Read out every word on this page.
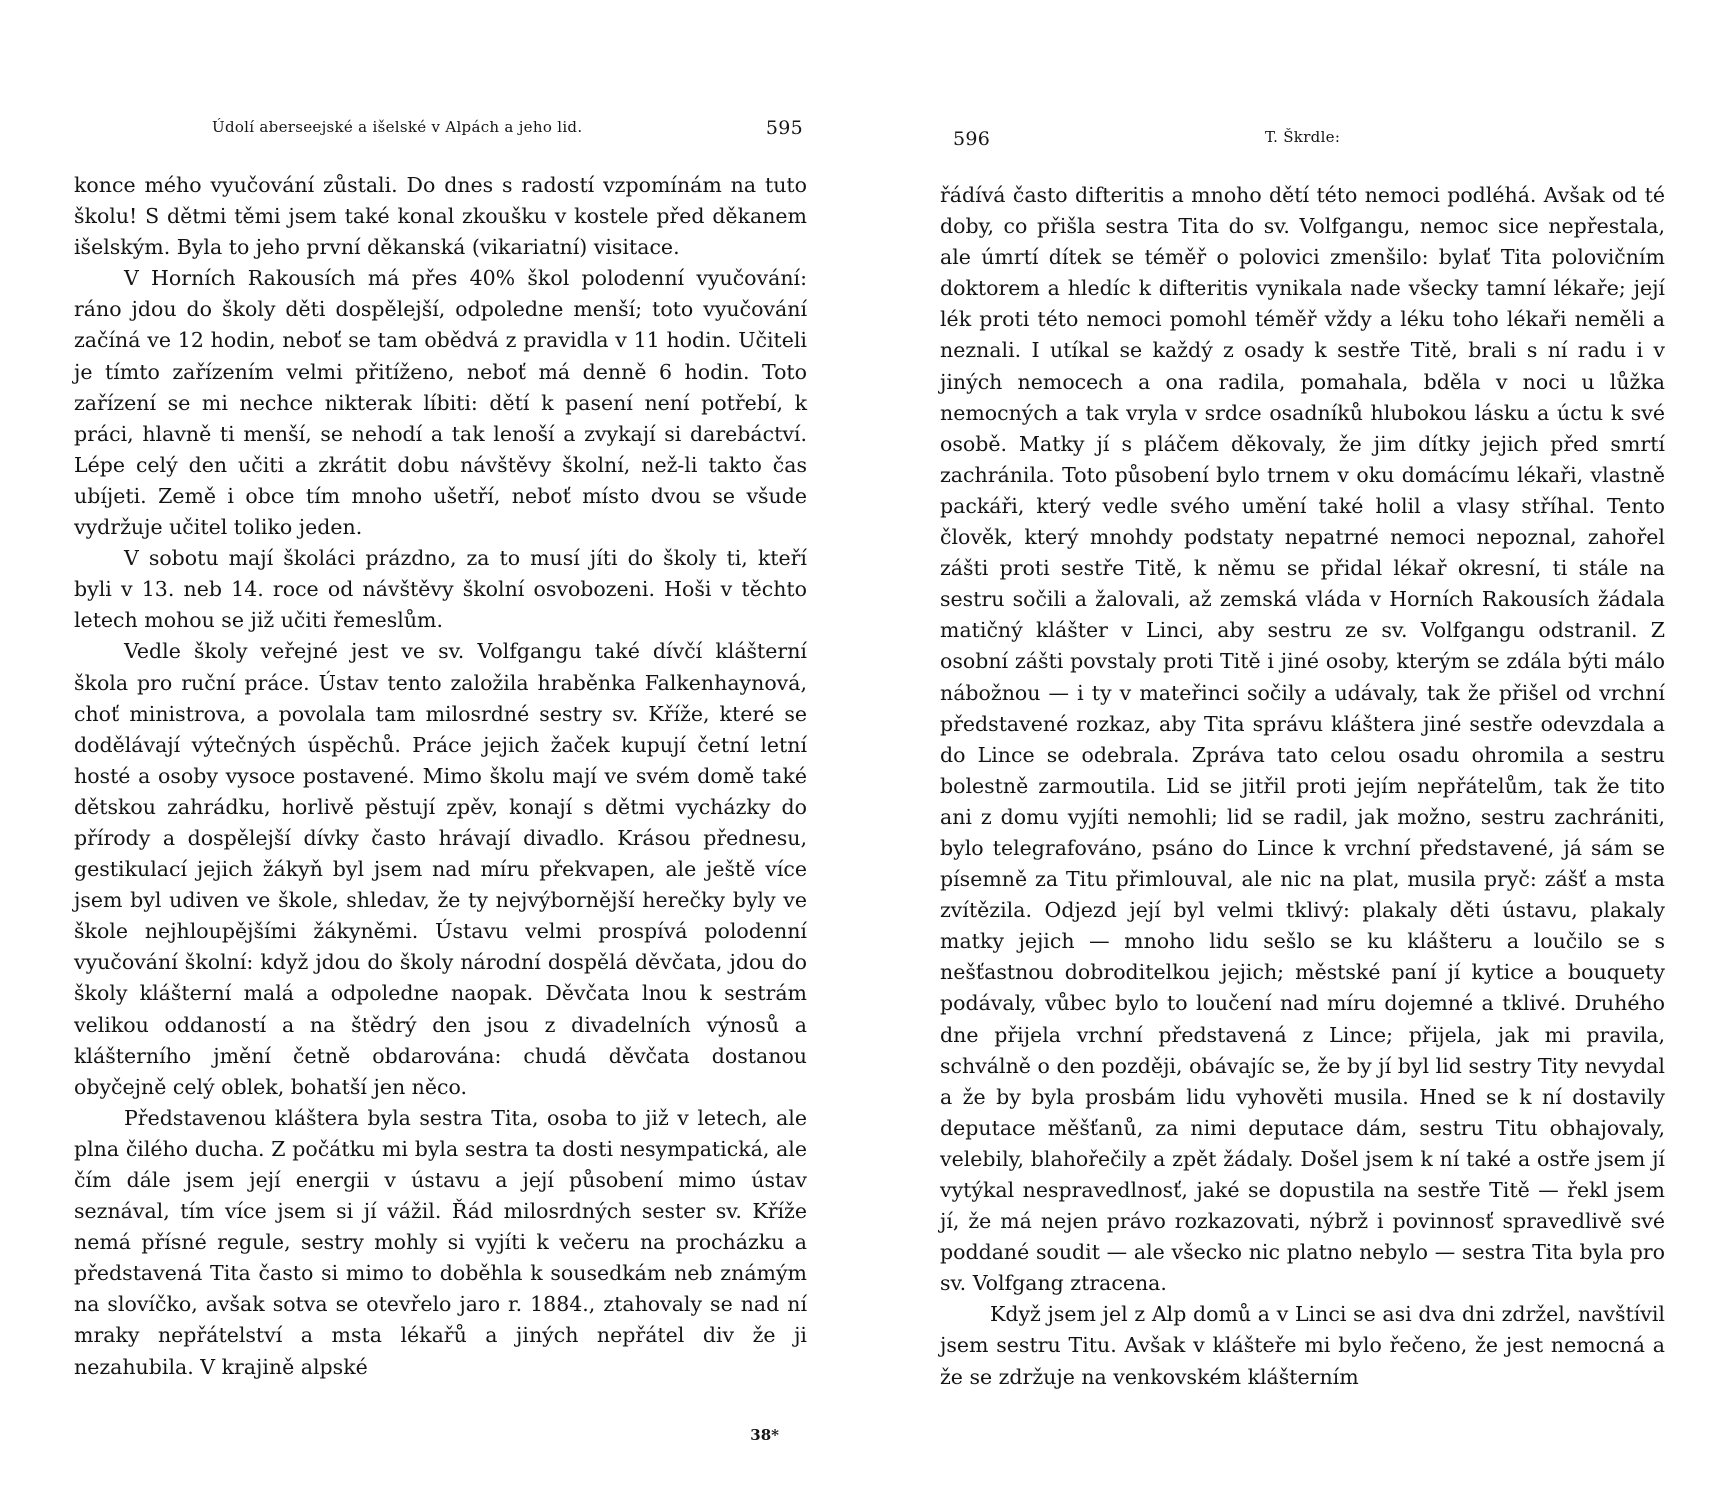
Údolí aberseejské a išelské v Alpách a jeho lid.	595

konce mého vyučování zůstali. Do dnes s radostí vzpomínám na tuto školu! S dětmi těmi jsem také konal zkoušku v kostele před děkanem išelským. Byla to jeho první děkanská (vikariatní) visitace.

V Horních Rakousích má přes 40% škol polodenní vyučování: ráno jdou do školy děti dospělejší, odpoledne menší; toto vyučování začíná ve 12 hodin, neboť se tam obědvá z pravidla v 11 hodin. Učiteli je tímto zařízením velmi přitíženo, neboť má denně 6 hodin. Toto zařízení se mi nechce nikterak líbiti: dětí k pasení není potřebí, k práci, hlavně ti menší, se nehodí a tak lenoší a zvykají si darebáctví. Lépe celý den učiti a zkrátit dobu návštěvy školní, než-li takto čas ubíjeti. Země i obce tím mnoho ušetří, neboť místo dvou se všude vydržuje učitel toliko jeden.

V sobotu mají školáci prázdno, za to musí jíti do školy ti, kteří byli v 13. neb 14. roce od návštěvy školní osvobozeni. Hoši v těchto letech mohou se již učiti řemeslům.

Vedle školy veřejné jest ve sv. Volfgangu také dívčí klášterní škola pro ruční práce. Ústav tento založila hraběnka Falkenhaynová, choť ministrova, a povolala tam milosrdné sestry sv. Kříže, které se dodělávají výtečných úspěchů. Práce jejich žaček kupují četní letní hosté a osoby vysoce postavené. Mimo školu mají ve svém domě také dětskou zahrádku, horlivě pěstují zpěv, konají s dětmi vycházky do přírody a dospělejší dívky často hrávají divadlo. Krásou přednesu, gestikulací jejich žákyň byl jsem nad míru překvapen, ale ještě více jsem byl udiven ve škole, shledav, že ty nejvýbornější herečky byly ve škole nejhloupějšími žákyněmi. Ústavu velmi prospívá polodenní vyučování školní: když jdou do školy národní dospělá děvčata, jdou do školy klášterní malá a odpoledne naopak. Děvčata lnou k sestrám velikou oddaností a na štědrý den jsou z divadelních výnosů a klášterního jmění četně obdarována: chudá děvčata dostanou obyčejně celý oblek, bohatší jen něco.

Představenou kláštera byla sestra Tita, osoba to již v letech, ale plna čilého ducha. Z počátku mi byla sestra ta dosti nesympatická, ale čím dále jsem její energii v ústavu a její působení mimo ústav seznával, tím více jsem si jí vážil. Řád milosrdných sester sv. Kříže nemá přísné regule, sestry mohly si vyjíti k večeru na procházku a představená Tita často si mimo to doběhla k sousedkám neb známým na slovíčko, avšak sotva se otevřelo jaro r. 1884., ztahovaly se nad ní mraky nepřátelství a msta lékařů a jiných nepřátel div že ji nezahubila. V krajině alpské

38*
596	T. Škrdle:

řádívá často difteritis a mnoho dětí této nemoci podléhá. Avšak od té doby, co přišla sestra Tita do sv. Volfgangu, nemoc sice nepřestala, ale úmrtí dítek se téměř o polovici zmenšilo: bylať Tita polovičním doktorem a hledíc k difteritis vynikala nade všecky tamní lékaře; její lék proti této nemoci pomohl téměř vždy a léku toho lékaři neměli a neznali. I utíkal se každý z osady k sestře Titě, brali s ní radu i v jiných nemocech a ona radila, pomahala, bděla v noci u lůžka nemocných a tak vryla v srdce osadníků hlubokou lásku a úctu k své osobě. Matky jí s pláčem děkovaly, že jim dítky jejich před smrtí zachránila. Toto působení bylo trnem v oku domácímu lékaři, vlastně packáři, který vedle svého umění také holil a vlasy stříhal. Tento člověk, který mnohdy podstaty nepatrné nemoci nepoznal, zahořel zášti proti sestře Titě, k němu se přidal lékař okresní, ti stále na sestru sočili a žalovali, až zemská vláda v Horních Rakousích žádala matičný klášter v Linci, aby sestru ze sv. Volfgangu odstranil. Z osobní zášti povstaly proti Titě i jiné osoby, kterým se zdála býti málo nábožnou — i ty v mateřinci sočily a udávaly, tak že přišel od vrchní představené rozkaz, aby Tita správu kláštera jiné sestře odevzdala a do Lince se odebrala. Zpráva tato celou osadu ohromila a sestru bolestně zarmoutila. Lid se jitřil proti jejím nepřátelům, tak že tito ani z domu vyjíti nemohli; lid se radil, jak možno, sestru zachrániti, bylo telegrafováno, psáno do Lince k vrchní představené, já sám se písemně za Titu přimlouval, ale nic na plat, musila pryč: zášť a msta zvítězila. Odjezd její byl velmi tklivý: plakaly děti ústavu, plakaly matky jejich — mnoho lidu sešlo se ku klášteru a loučilo se s nešťastnou dobroditelkou jejich; městské paní jí kytice a bouquety podávaly, vůbec bylo to loučení nad míru dojemné a tklivé. Druhého dne přijela vrchní představená z Lince; přijela, jak mi pravila, schválně o den později, obávajíc se, že by jí byl lid sestry Tity nevydal a že by byla prosbám lidu vyhověti musila. Hned se k ní dostavily deputace měšťanů, za nimi deputace dám, sestru Titu obhajovaly, velebily, blahořečily a zpět žádaly. Došel jsem k ní také a ostře jsem jí vytýkal nespravedlnosť, jaké se dopustila na sestře Titě — řekl jsem jí, že má nejen právo rozkazovati, nýbrž i povinnosť spravedlivě své poddané soudit — ale všecko nic platno nebylo — sestra Tita byla pro sv. Volfgang ztracena.

Když jsem jel z Alp domů a v Linci se asi dva dni zdržel, navštívil jsem sestru Titu. Avšak v klášteře mi bylo řečeno, že jest nemocná a že se zdržuje na venkovském klášterním
